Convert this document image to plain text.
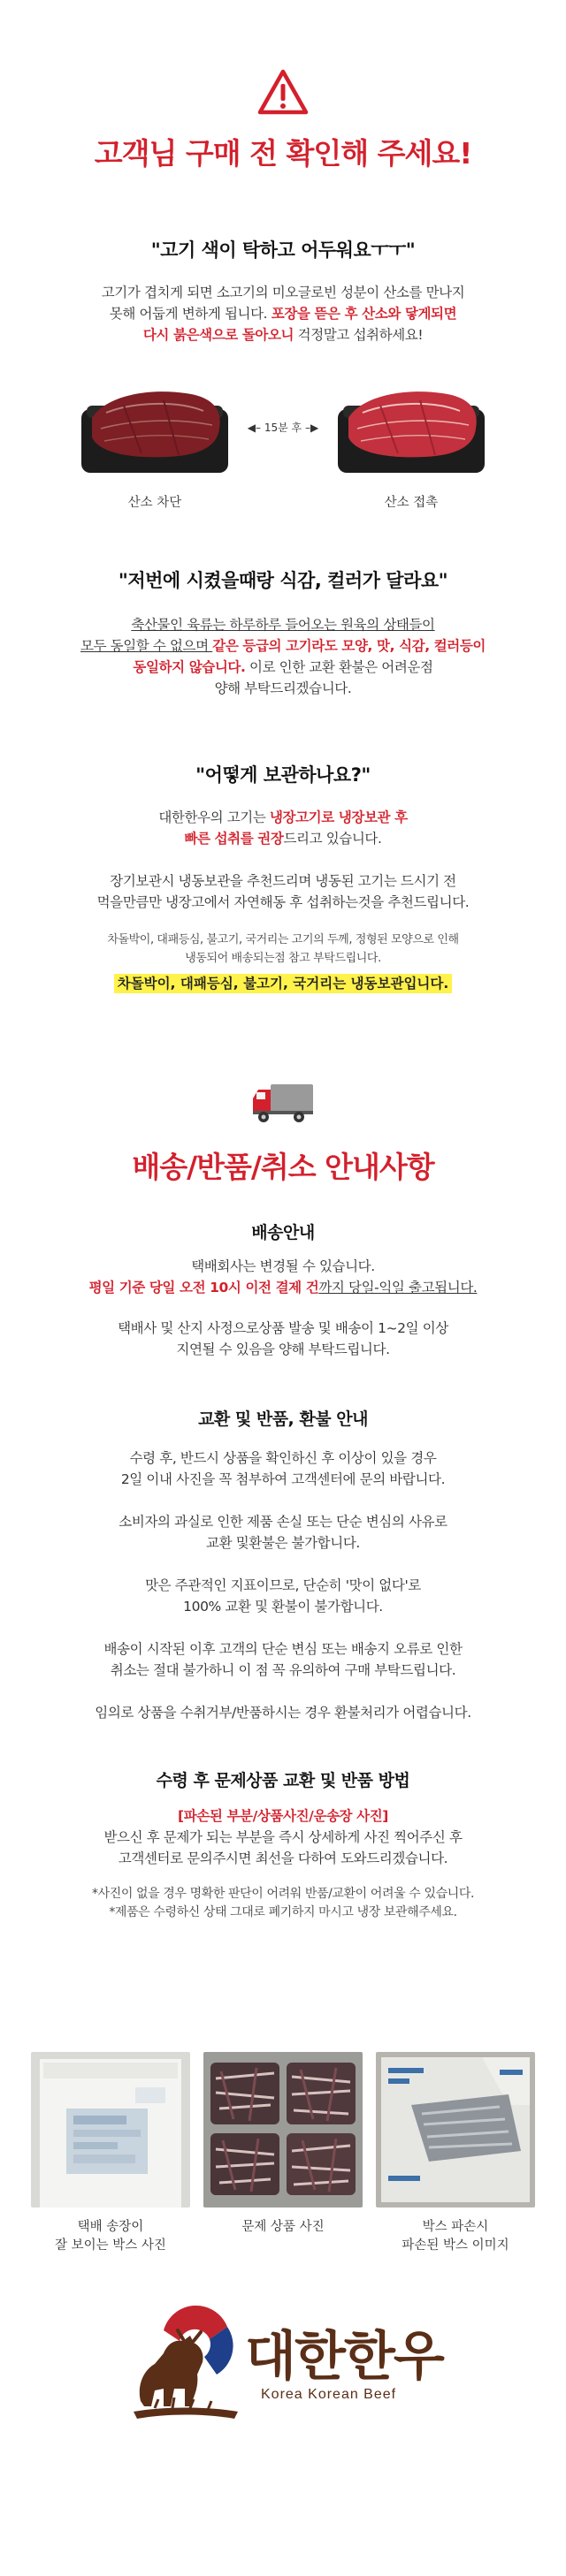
고객님 구매 전 확인해 주세요!
"고기 색이 탁하고 어두워요ㅜㅜ"
고기가 겹치게 되면 소고기의 미오글로빈 성분이 산소를 만나지
못해 어둡게 변하게 됩니다. 포장을 뜯은 후 산소와 닿게되면
다시 붉은색으로 돌아오니 걱정말고 섭취하세요!
◀– 15분 후 –▶
산소 차단	산소 접촉
"저번에 시켰을때랑 식감, 컬러가 달라요"
축산물인 육류는 하루하루 들어오는 원육의 상태들이
모두 동일할 수 없으며 같은 등급의 고기라도 모양, 맛, 식감, 컬러등이
동일하지 않습니다. 이로 인한 교환 환불은 어려운점
양해 부탁드리겠습니다.
"어떻게 보관하나요?"
대한한우의 고기는 냉장고기로 냉장보관 후
빠른 섭취를 권장드리고 있습니다.
장기보관시 냉동보관을 추천드리며 냉동된 고기는 드시기 전
먹을만큼만 냉장고에서 자연해동 후 섭취하는것을 추천드립니다.
차돌박이, 대패등심, 불고기, 국거리는 고기의 두께, 정형된 모양으로 인해
냉동되어 배송되는점 참고 부탁드립니다.
차돌박이, 대패등심, 불고기, 국거리는 냉동보관입니다.
배송/반품/취소 안내사항
배송안내
택배회사는 변경될 수 있습니다.
평일 기준 당일 오전 10시 이전 결제 건까지 당일-익일 출고됩니다.
택배사 및 산지 사정으로상품 발송 및 배송이 1~2일 이상
지연될 수 있음을 양해 부탁드립니다.
교환 및 반품, 환불 안내
수령 후, 반드시 상품을 확인하신 후 이상이 있을 경우
2일 이내 사진을 꼭 첨부하여 고객센터에 문의 바랍니다.
소비자의 과실로 인한 제품 손실 또는 단순 변심의 사유로
교환 및환불은 불가합니다.
맛은 주관적인 지표이므로, 단순히 '맛이 없다'로
100% 교환 및 환불이 불가합니다.
배송이 시작된 이후 고객의 단순 변심 또는 배송지 오류로 인한
취소는 절대 불가하니 이 점 꼭 유의하여 구매 부탁드립니다.
임의로 상품을 수취거부/반품하시는 경우 환불처리가 어렵습니다.
수령 후 문제상품 교환 및 반품 방법
[파손된 부분/상품사진/운송장 사진]
받으신 후 문제가 되는 부분을 즉시 상세하게 사진 찍어주신 후
고객센터로 문의주시면 최선을 다하여 도와드리겠습니다.
*사진이 없을 경우 명확한 판단이 어려워 반품/교환이 어려울 수 있습니다.
*제품은 수령하신 상태 그대로 폐기하지 마시고 냉장 보관해주세요.
택배 송장이
잘 보이는 박스 사진
문제 상품 사진	박스 파손시
파손된 박스 이미지
대한한우
Korea Korean Beef
